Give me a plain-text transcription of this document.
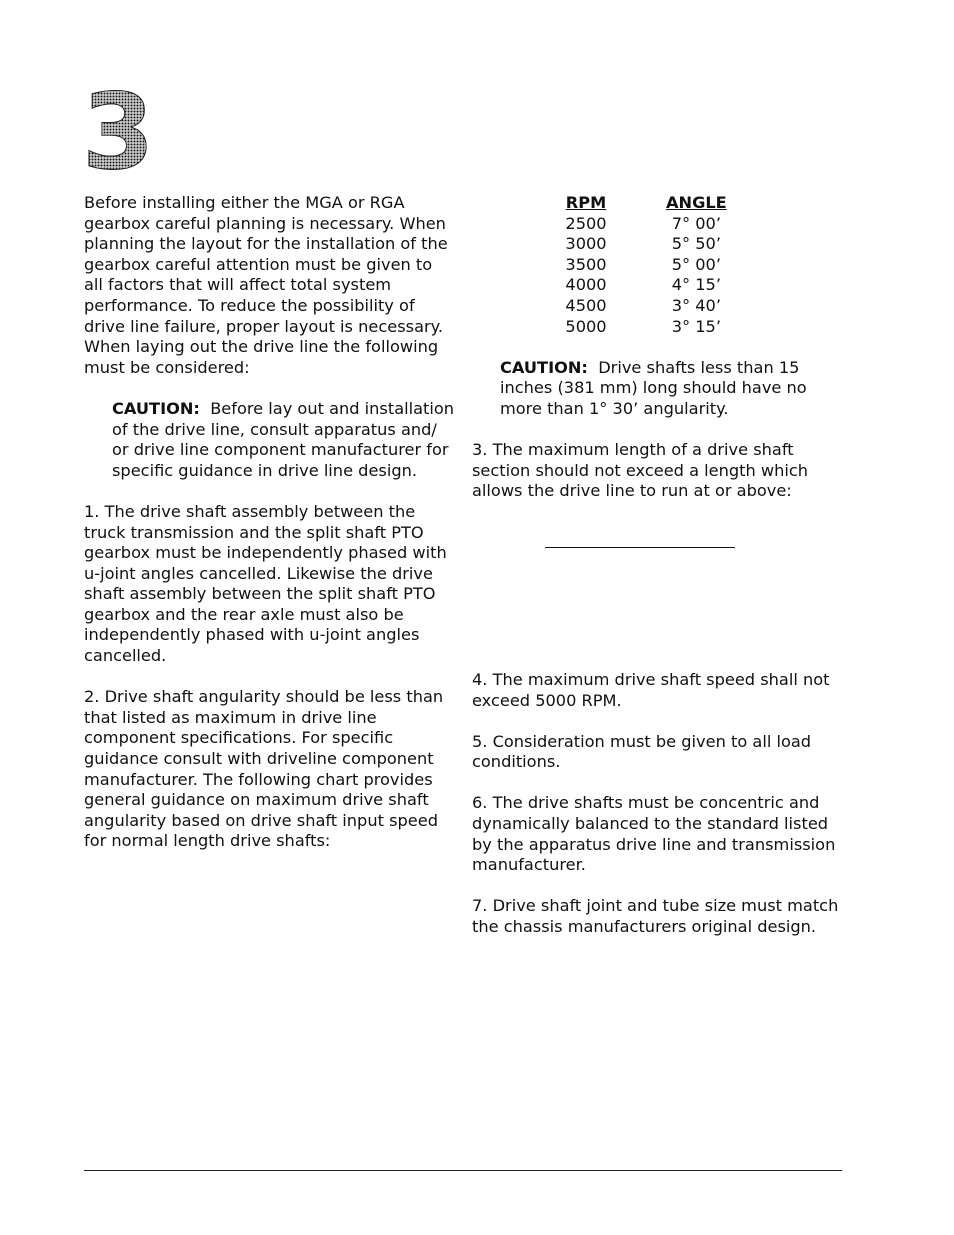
3

Before installing either the MGA or RGA gearbox careful planning is necessary. When planning the layout for the installation of the gearbox careful attention must be given to all factors that will affect total system performance. To reduce the possibility of drive line failure, proper layout is necessary. When laying out the drive line the following must be considered:

CAUTION: Before lay out and installation of the drive line, consult apparatus and/ or drive line component manufacturer for specific guidance in drive line design.

1. The drive shaft assembly between the truck transmission and the split shaft PTO gearbox must be independently phased with u-joint angles cancelled. Likewise the drive shaft assembly between the split shaft PTO gearbox and the rear axle must also be independently phased with u-joint angles cancelled.

2. Drive shaft angularity should be less than that listed as maximum in drive line component specifications. For specific guidance consult with driveline component manufacturer. The following chart provides general guidance on maximum drive shaft angularity based on drive shaft input speed for normal length drive shafts:

RPM		ANGLE
2500		7° 00’
3000		5° 50’
3500		5° 00’
4000		4° 15’
4500		3° 40’
5000		3° 15’

CAUTION: Drive shafts less than 15 inches (381 mm) long should have no more than 1° 30’ angularity.

3. The maximum length of a drive shaft section should not exceed a length which allows the drive line to run at or above:

4. The maximum drive shaft speed shall not exceed 5000 RPM.

5. Consideration must be given to all load conditions.

6. The drive shafts must be concentric and dynamically balanced to the standard listed by the apparatus drive line and transmission manufacturer.

7. Drive shaft joint and tube size must match the chassis manufacturers original design.
